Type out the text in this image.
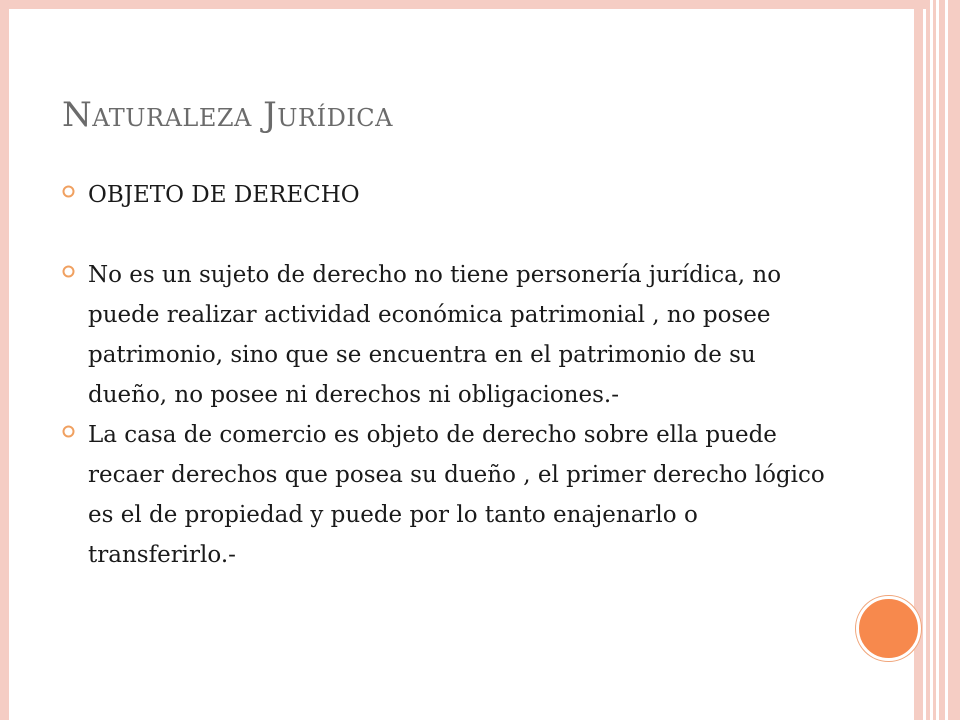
Naturaleza Jurídica
OBJETO DE DERECHO
No es un sujeto de derecho no tiene personería jurídica, no puede realizar actividad económica patrimonial , no posee patrimonio, sino que se encuentra en el patrimonio de su dueño, no posee ni derechos ni obligaciones.-
La casa de comercio es objeto de derecho sobre ella puede recaer derechos que posea su dueño , el primer derecho lógico es el de propiedad y puede por lo tanto enajenarlo o transferirlo.-
